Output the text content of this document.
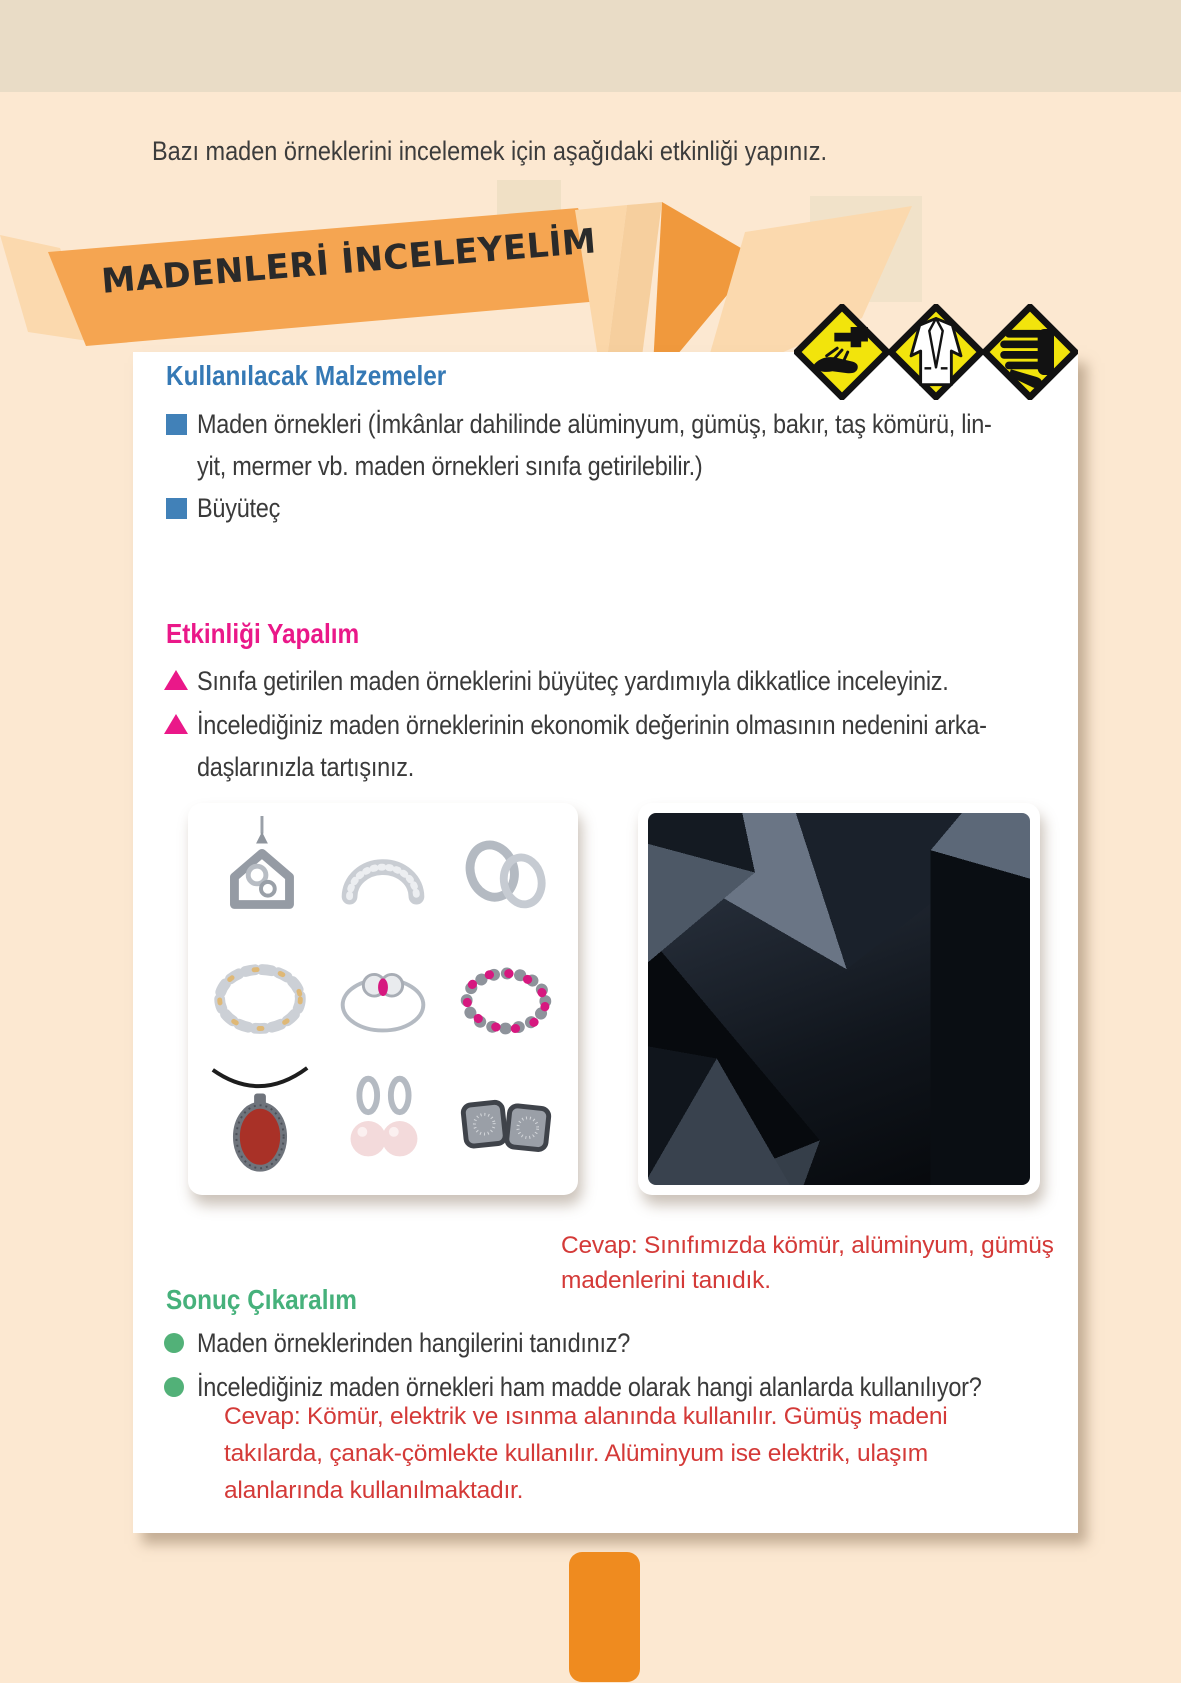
Bazı maden örneklerini incelemek için aşağıdaki etkinliği yapınız.
MADENLERİ İNCELEYELİM
Kullanılacak Malzemeler
Maden örnekleri (İmkânlar dahilinde alüminyum, gümüş, bakır, taş kömürü, lin-
yit, mermer vb. maden örnekleri sınıfa getirilebilir.)
Büyüteç
Etkinliği Yapalım
Sınıfa getirilen maden örneklerini büyüteç yardımıyla dikkatlice inceleyiniz.
İncelediğiniz maden örneklerinin ekonomik değerinin olmasının nedenini arka-
daşlarınızla tartışınız.
Cevap: Sınıfımızda kömür, alüminyum, gümüş
madenlerini tanıdık.
Sonuç Çıkaralım
Maden örneklerinden hangilerini tanıdınız?
İncelediğiniz maden örnekleri ham madde olarak hangi alanlarda kullanılıyor?
Cevap: Kömür, elektrik ve ısınma alanında kullanılır. Gümüş madeni
takılarda, çanak-çömlekte kullanılır. Alüminyum ise elektrik, ulaşım
alanlarında kullanılmaktadır.
